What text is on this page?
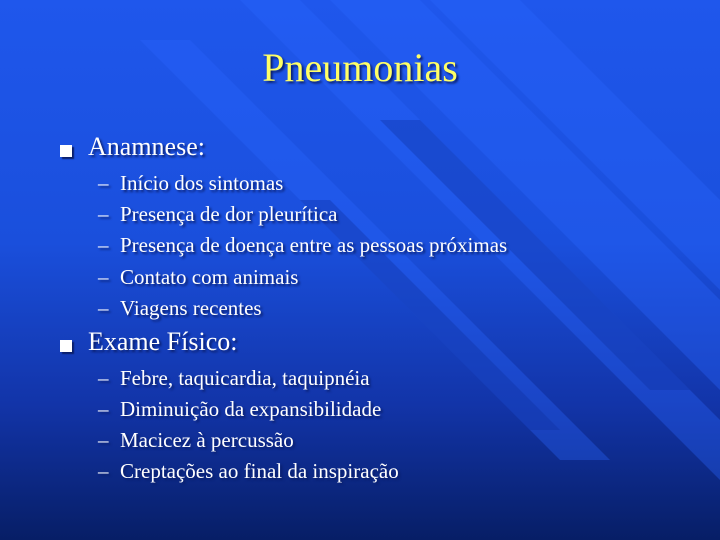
Pneumonias
Anamnese:
– Início dos sintomas
– Presença de dor pleurítica
– Presença de doença entre as pessoas próximas
– Contato com animais
– Viagens recentes
Exame Físico:
– Febre, taquicardia, taquipnéia
– Diminuição da expansibilidade
– Macicez à percussão
– Creptações ao final da inspiração
